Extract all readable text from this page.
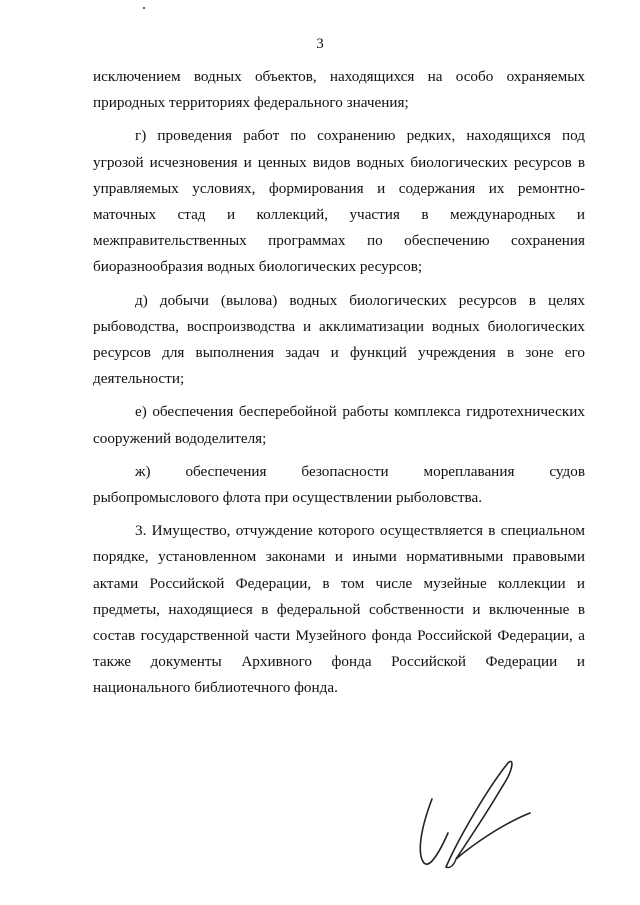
3

исключением водных объектов, находящихся на особо охраняемых природных территориях федерального значения;

г) проведения работ по сохранению редких, находящихся под угрозой исчезновения и ценных видов водных биологических ресурсов в управляемых условиях, формирования и содержания их ремонтно-маточных стад и коллекций, участия в международных и межправительственных программах по обеспечению сохранения биоразнообразия водных биологических ресурсов;

д) добычи (вылова) водных биологических ресурсов в целях рыбоводства, воспроизводства и акклиматизации водных биологических ресурсов для выполнения задач и функций учреждения в зоне его деятельности;

е) обеспечения бесперебойной работы комплекса гидротехнических сооружений вододелителя;

ж) обеспечения безопасности мореплавания судов рыбопромыслового флота при осуществлении рыболовства.

3. Имущество, отчуждение которого осуществляется в специальном порядке, установленном законами и иными нормативными правовыми актами Российской Федерации, в том числе музейные коллекции и предметы, находящиеся в федеральной собственности и включенные в состав государственной части Музейного фонда Российской Федерации, а также документы Архивного фонда Российской Федерации и национального библиотечного фонда.
